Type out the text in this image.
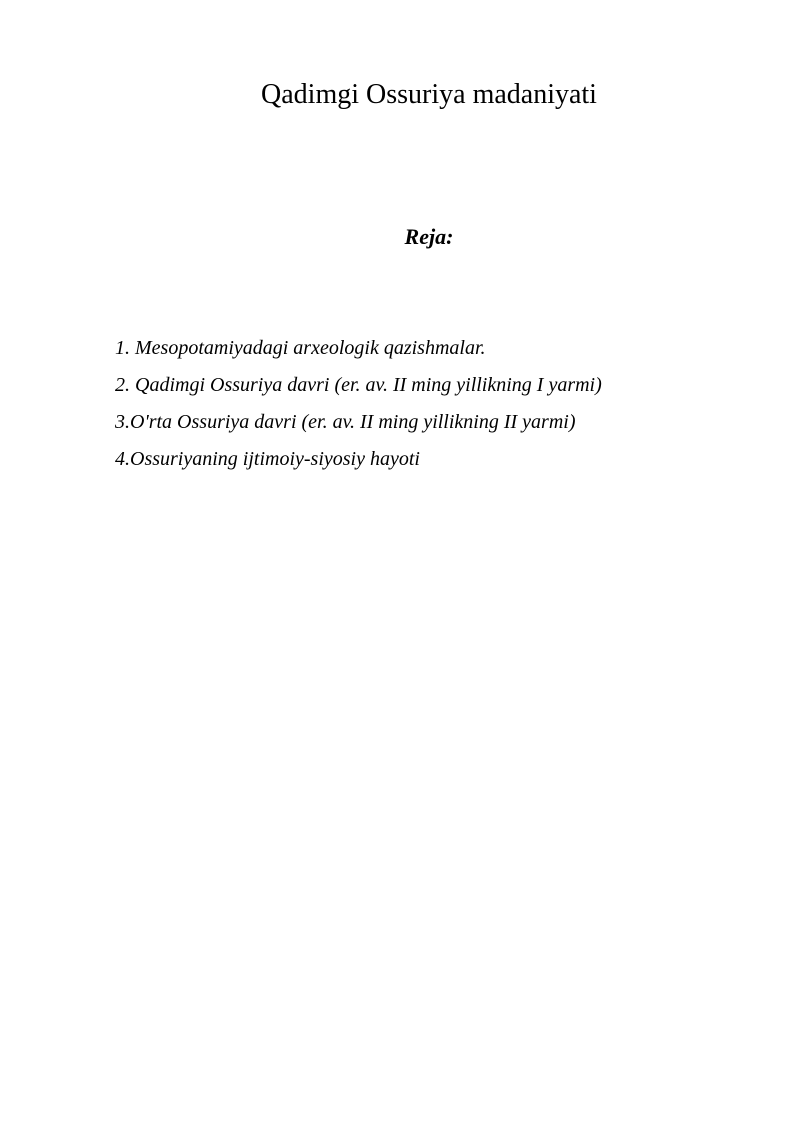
Qadimgi Ossuriya madaniyati
Reja:
1. Mesopotamiyadagi arxeologik qazishmalar.
2. Qadimgi Ossuriya davri (er. av. II ming yillikning I yarmi)
3.O'rta Ossuriya davri (er. av. II ming yillikning II yarmi)
4.Ossuriyaning ijtimoiy-siyosiy hayoti
